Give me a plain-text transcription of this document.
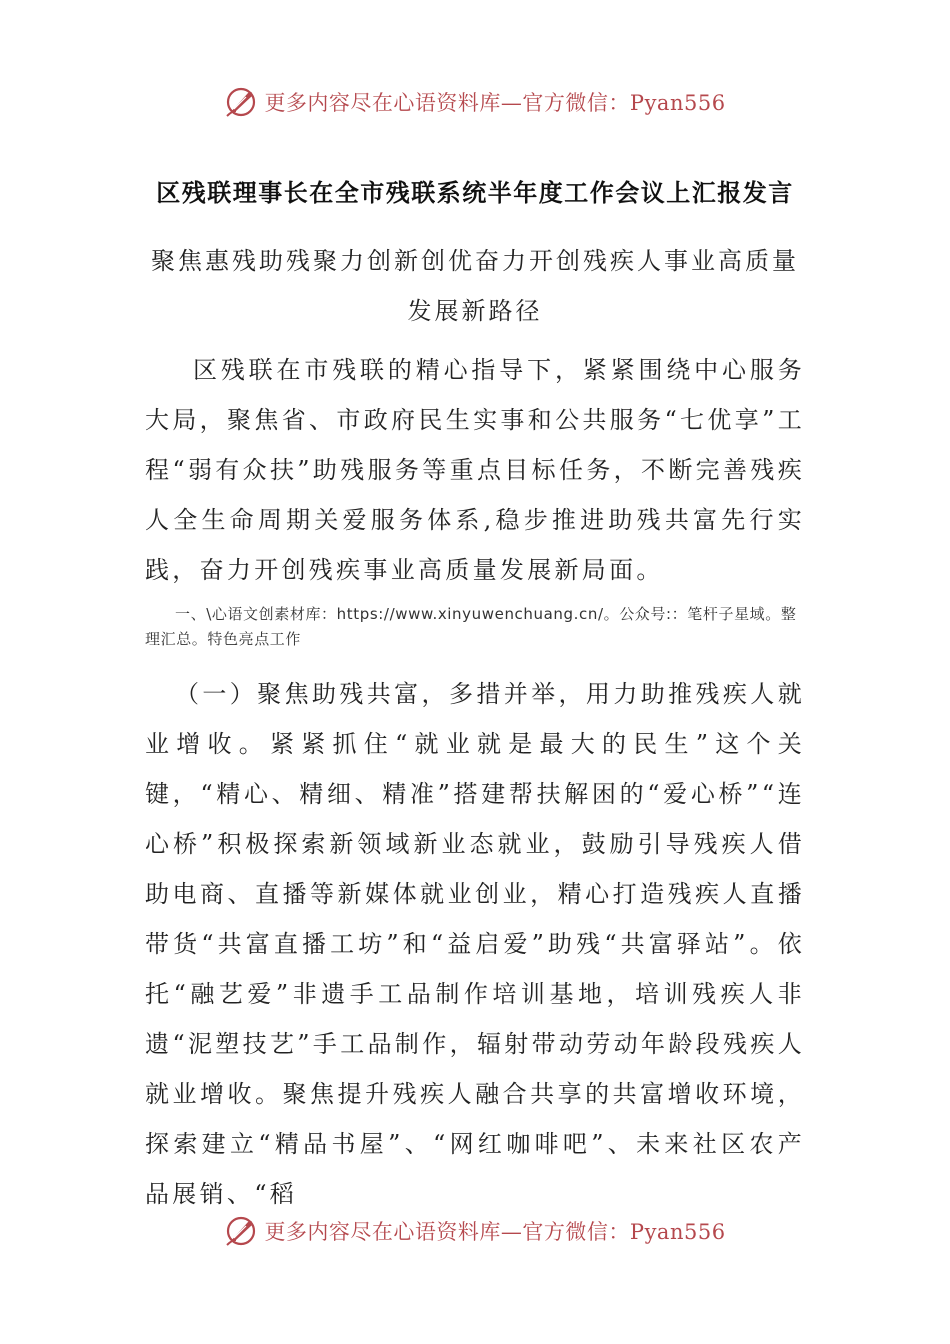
更多内容尽在心语资料库—官方微信：Pyan556
区残联理事长在全市残联系统半年度工作会议上汇报发言
聚焦惠残助残聚力创新创优奋力开创残疾人事业高质量发展新路径
区残联在市残联的精心指导下，紧紧围绕中心服务大局，聚焦省、市政府民生实事和公共服务“七优享”工程“弱有众扶”助残服务等重点目标任务，不断完善残疾人全生命周期关爱服务体系,稳步推进助残共富先行实践，奋力开创残疾事业高质量发展新局面。
一、\心语文创素材库：https://www.xinyuwenchuang.cn/。公众号:：笔杆子星域。整理汇总。特色亮点工作
（一）聚焦助残共富，多措并举，用力助推残疾人就业增收。紧紧抓住“就业就是最大的民生”这个关键，“精心、精细、精准”搭建帮扶解困的“爱心桥”“连心桥”积极探索新领域新业态就业，鼓励引导残疾人借助电商、直播等新媒体就业创业，精心打造残疾人直播带货“共富直播工坊”和“益启爱”助残“共富驿站”。依托“融艺爱”非遗手工品制作培训基地，培训残疾人非遗“泥塑技艺”手工品制作，辐射带动劳动年龄段残疾人就业增收。聚焦提升残疾人融合共享的共富增收环境，探索建立“精品书屋”、“网红咖啡吧”、未来社区农产品展销、“稻
更多内容尽在心语资料库—官方微信：Pyan556
